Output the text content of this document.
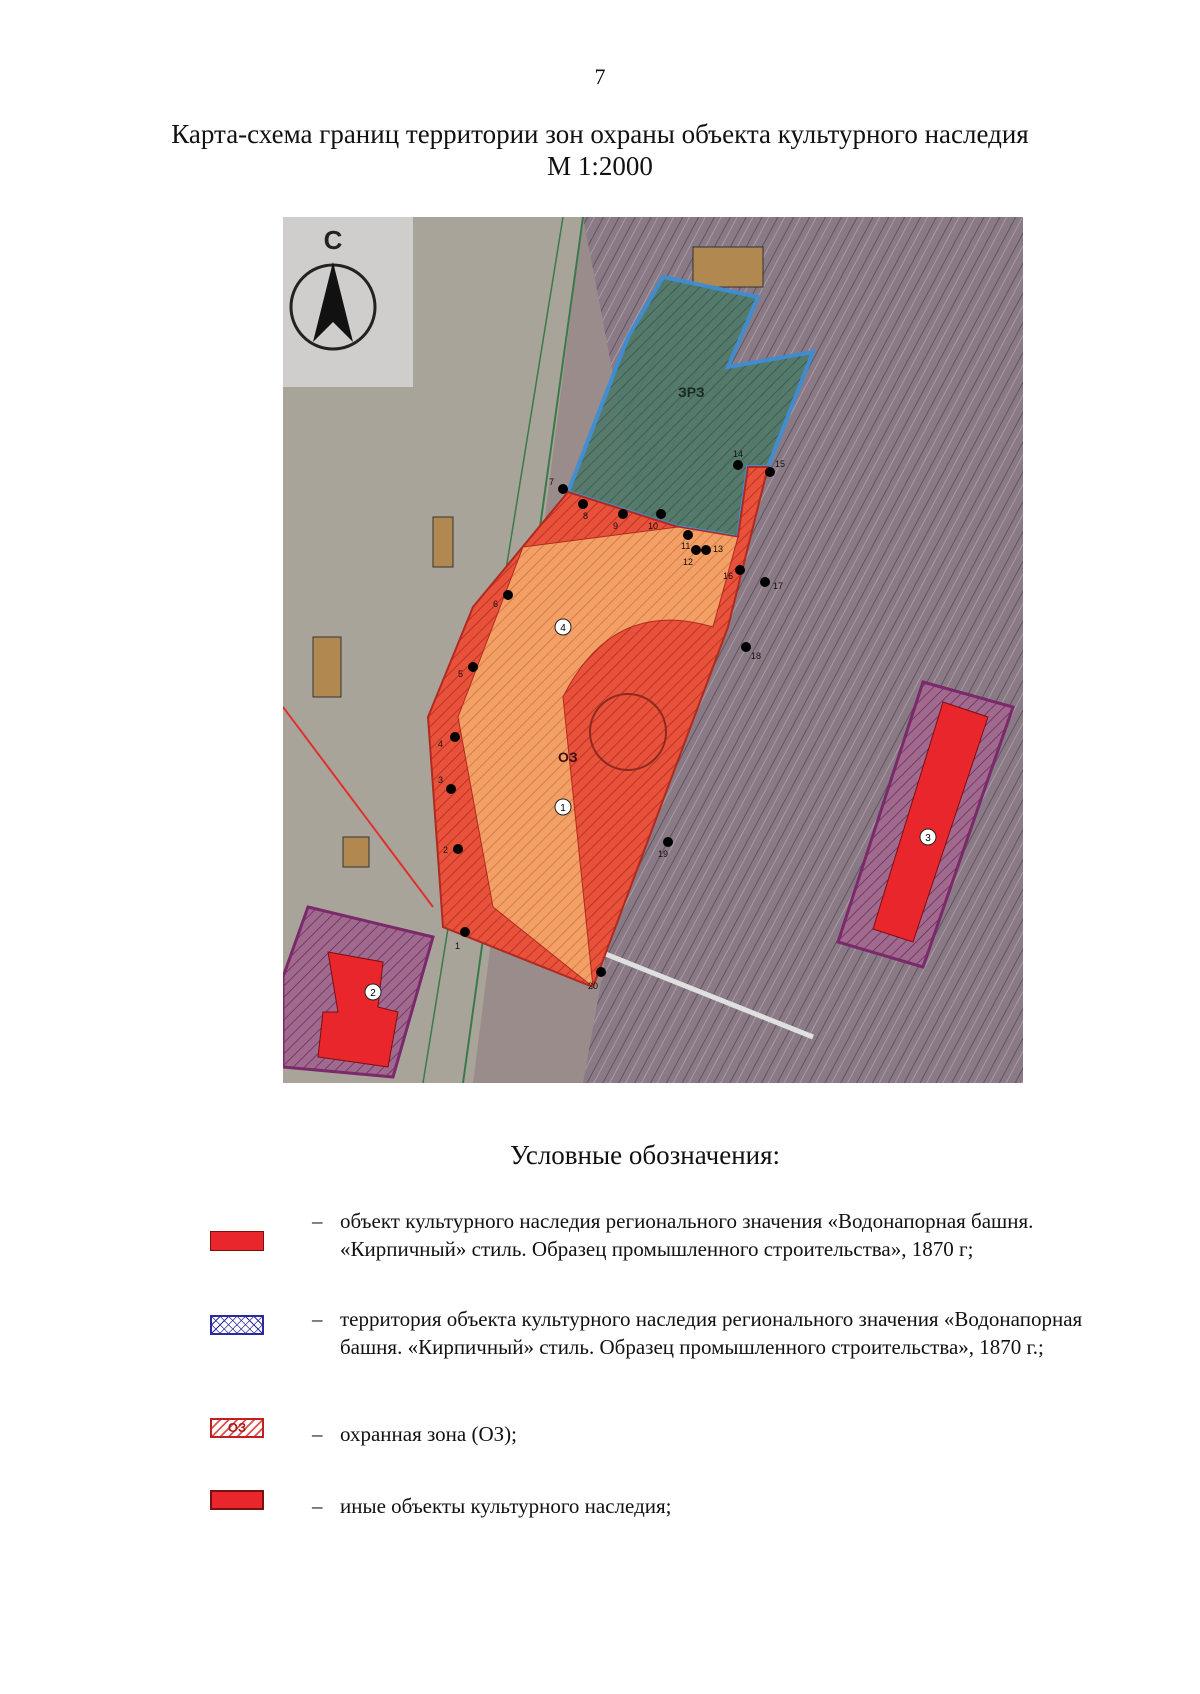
7
Карта-схема границ территории зон охраны объекта культурного наследия
М 1:2000
С
ЗРЗ
ОЗ
1
2
3
4
1
2
3
4
5
6
7
8
9	10
11
12
13
14
15
16
17
18
19
20
Условные обозначения:
– объект культурного наследия регионального значения «Водонапорная башня. «Кирпичный» стиль. Образец промышленного строительства», 1870 г;
– территория объекта культурного наследия регионального значения «Водонапорная башня. «Кирпичный» стиль. Образец промышленного строительства», 1870 г.;
ОЗ	– охранная зона (ОЗ);
– иные объекты культурного наследия;
